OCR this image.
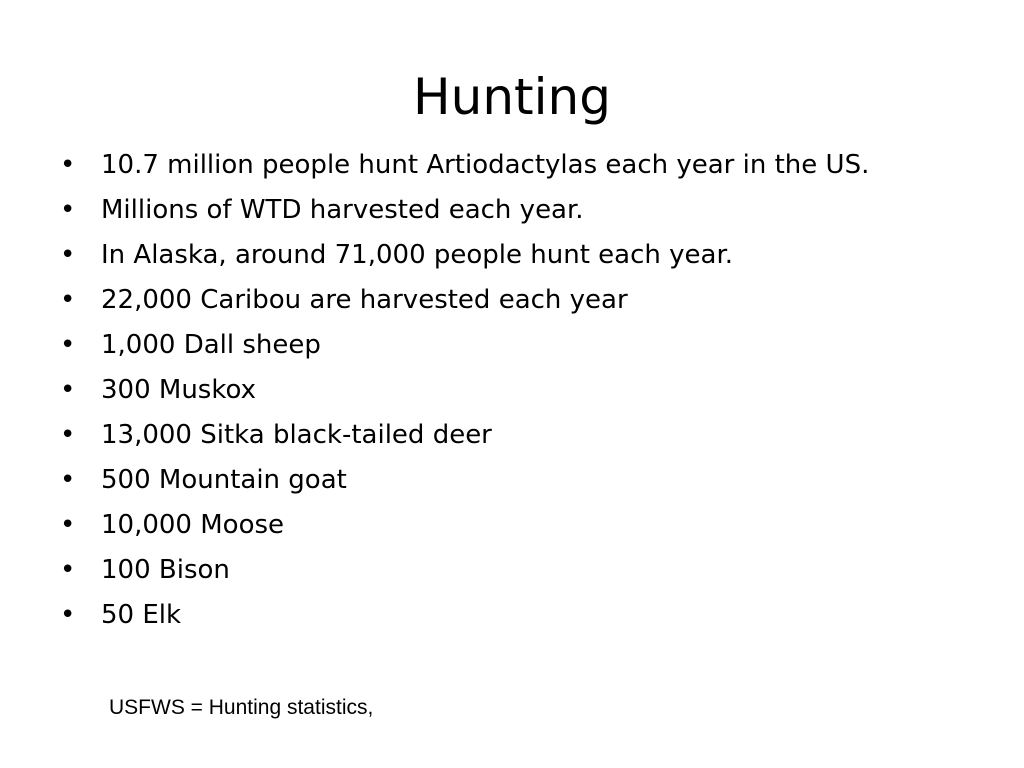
Hunting
• 10.7 million people hunt Artiodactylas each year in the US.
• Millions of WTD harvested each year.
• In Alaska, around 71,000 people hunt each year.
• 22,000 Caribou are harvested each year
• 1,000 Dall sheep
• 300 Muskox
• 13,000 Sitka black-tailed deer
• 500 Mountain goat
• 10,000 Moose
• 100 Bison
• 50 Elk
USFWS = Hunting statistics,
